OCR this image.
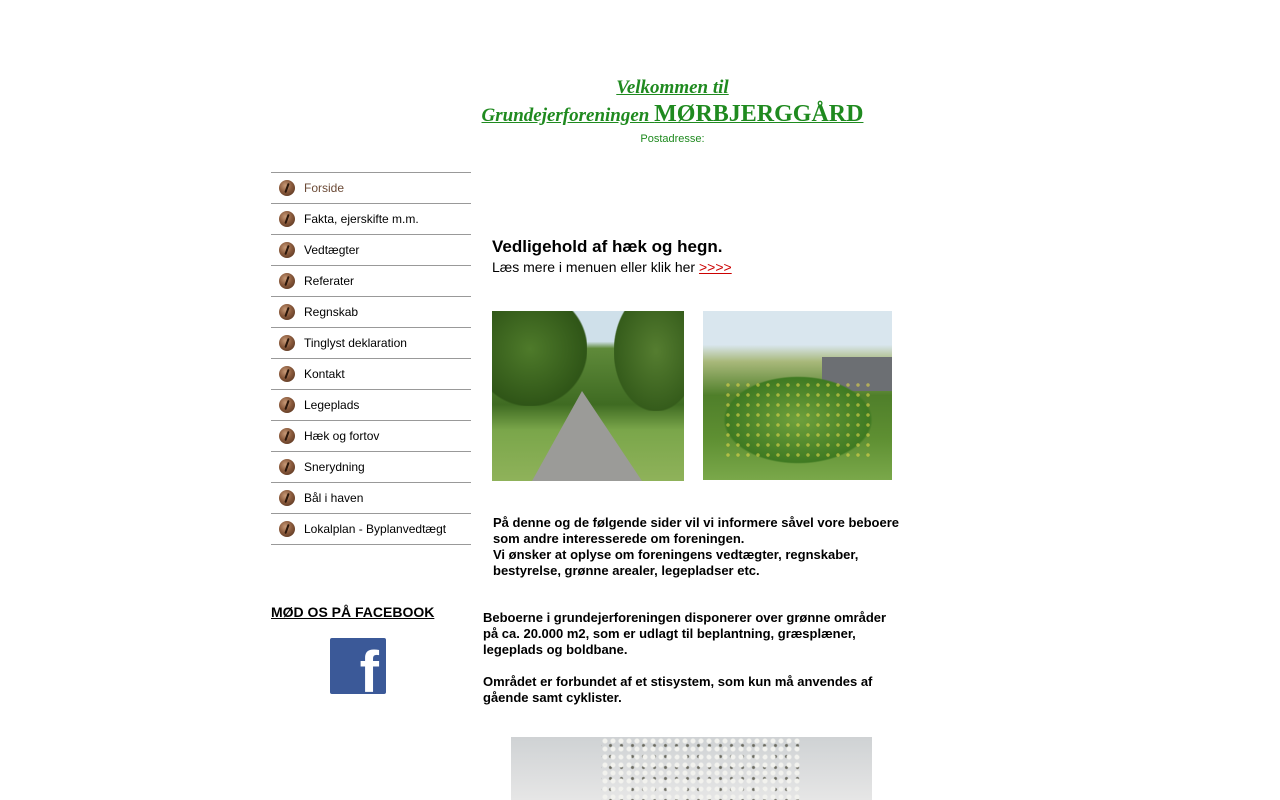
Velkommen til
Grundejerforeningen MØRBJERGGÅRD
Postadresse:
Forside
Fakta, ejerskifte m.m.
Vedtægter
Referater
Regnskab
Tinglyst deklaration
Kontakt
Legeplads
Hæk og fortov
Snerydning
Bål i haven
Lokalplan - Byplanvedtægt
MØD OS PÅ FACEBOOK
f
Vedligehold af hæk og hegn.
Læs mere i menuen eller klik her >>>>
På denne og de følgende sider vil vi informere såvel vore beboere som andre interesserede om foreningen.
Vi ønsker at oplyse om foreningens vedtægter, regnskaber, bestyrelse, grønne arealer, legepladser etc.
Beboerne i grundejerforeningen disponerer over grønne områder på ca. 20.000 m2, som er udlagt til beplantning, græsplæner, legeplads og boldbane.
Området er forbundet af et stisystem, som kun må anvendes af gående samt cyklister.
